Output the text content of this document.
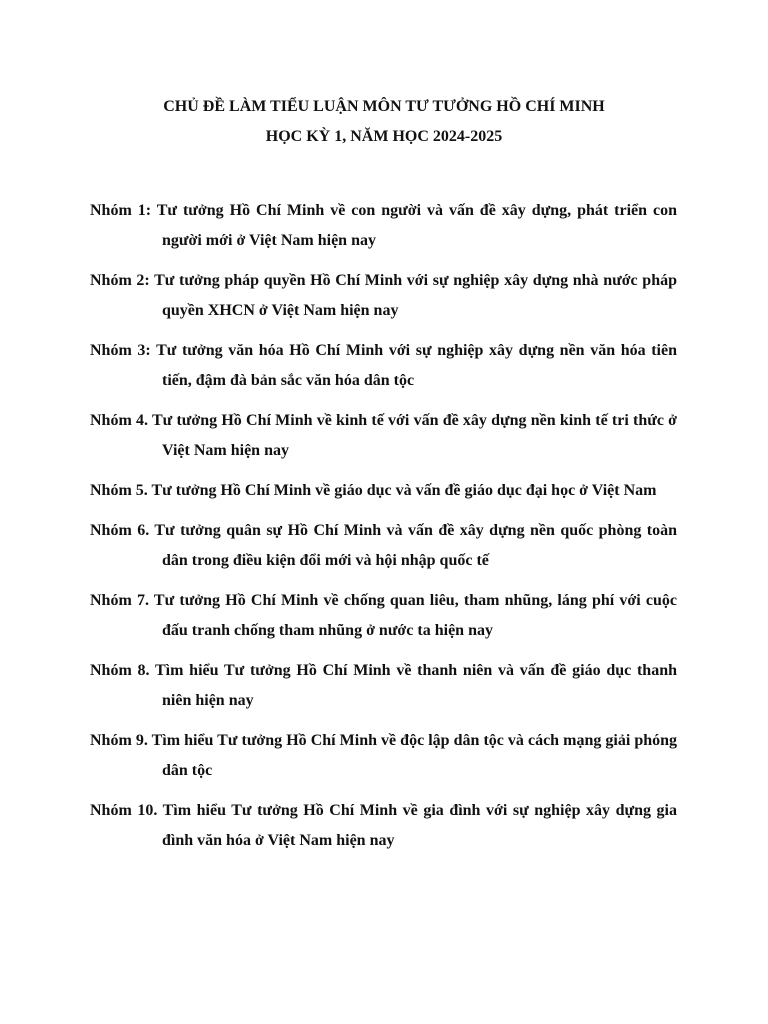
CHỦ ĐỀ LÀM TIỂU LUẬN MÔN TƯ TƯỞNG HỒ CHÍ MINH
HỌC KỲ 1, NĂM HỌC 2024-2025
Nhóm 1: Tư tưởng Hồ Chí Minh về con người và vấn đề xây dựng, phát triển con người mới ở Việt Nam hiện nay
Nhóm 2: Tư tưởng pháp quyền Hồ Chí Minh với sự nghiệp xây dựng nhà nước pháp quyền XHCN ở Việt Nam hiện nay
Nhóm 3: Tư tưởng văn hóa Hồ Chí Minh với sự nghiệp xây dựng nền văn hóa tiên tiến, đậm đà bản sắc văn hóa dân tộc
Nhóm 4. Tư tưởng Hồ Chí Minh về kinh tế với vấn đề xây dựng nền kinh tế tri thức ở Việt Nam hiện nay
Nhóm 5. Tư tưởng Hồ Chí Minh về giáo dục và vấn đề giáo dục đại học ở Việt Nam
Nhóm 6. Tư tưởng quân sự Hồ Chí Minh và vấn đề xây dựng nền quốc phòng toàn dân trong điều kiện đổi mới và hội nhập quốc tế
Nhóm 7. Tư tưởng Hồ Chí Minh về chống quan liêu, tham nhũng, láng phí với cuộc đấu tranh chống tham nhũng ở nước ta hiện nay
Nhóm 8. Tìm hiểu Tư tưởng Hồ Chí Minh về thanh niên và vấn đề giáo dục thanh niên hiện nay
Nhóm 9. Tìm hiểu Tư tưởng Hồ Chí Minh về độc lập dân tộc và cách mạng giải phóng dân tộc
Nhóm 10. Tìm hiểu Tư tưởng Hồ Chí Minh về gia đình với sự nghiệp xây dựng gia đình văn hóa ở Việt Nam hiện nay
